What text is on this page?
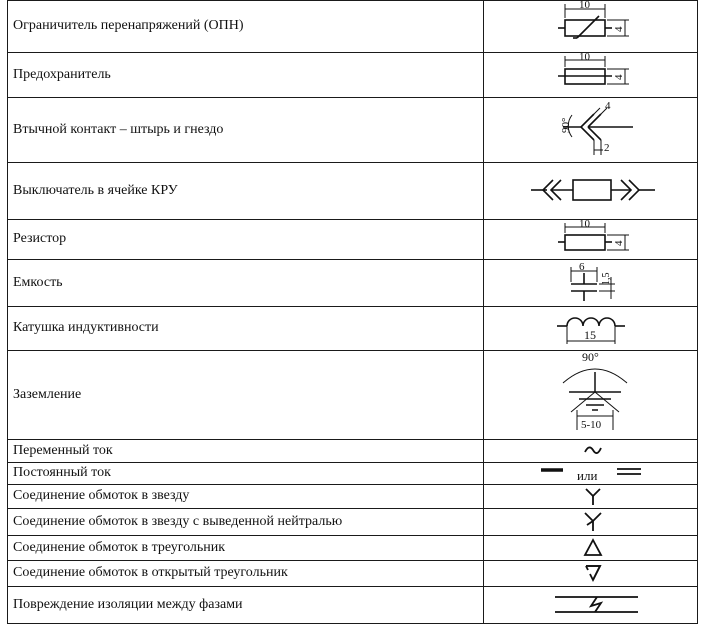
Ограничитель перенапряжений (ОПН)
10
4
Предохранитель
10
4
Втычной контакт – штырь и гнездо	90°
4
2
Выключатель в ячейке КРУ
Резистор
10
4
Емкость
6
1,5
Катушка индуктивности	15
Заземление
90°
5-10
Переменный ток
Постоянный ток	или
Соединение обмоток в звезду
Соединение обмоток в звезду с выведенной нейтралью
Соединение обмоток в треугольник
Соединение обмоток в открытый треугольник
Повреждение изоляции между фазами
